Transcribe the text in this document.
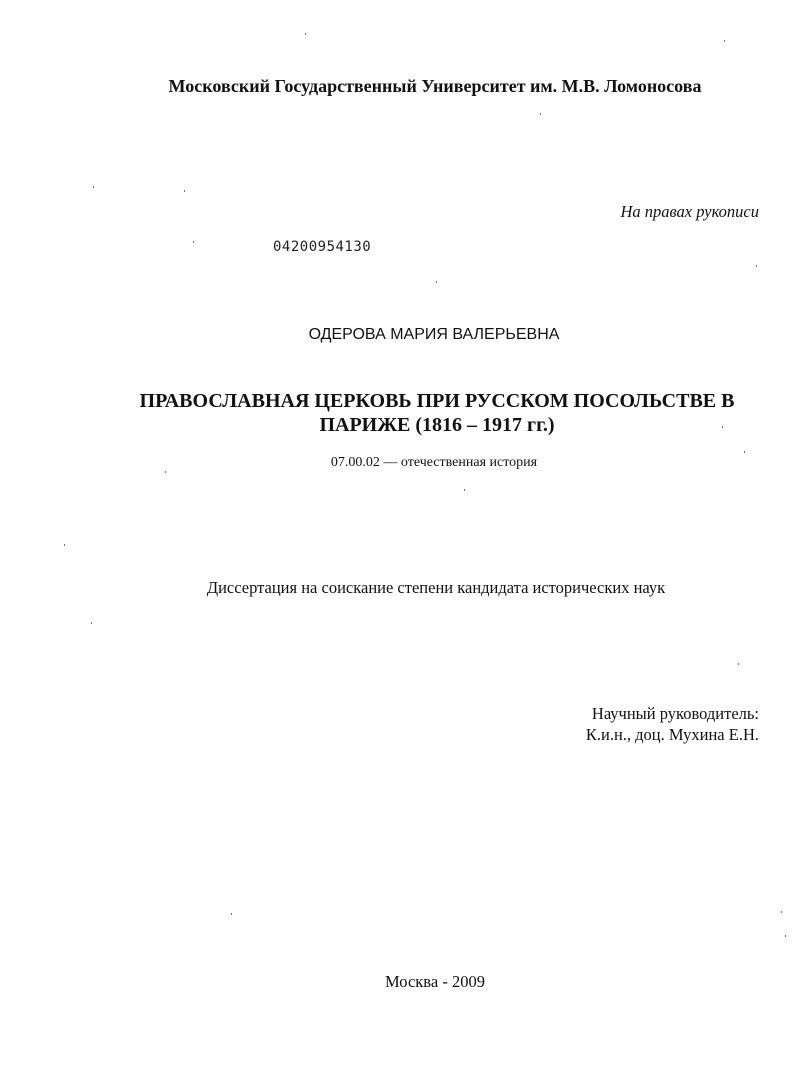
Московский Государственный Университет им. М.В. Ломоносова
На правах рукописи
04200954130
ОДЕРОВА МАРИЯ ВАЛЕРЬЕВНА
ПРАВОСЛАВНАЯ ЦЕРКОВЬ ПРИ РУССКОМ ПОСОЛЬСТВЕ В
ПАРИЖЕ (1816 – 1917 гг.)
07.00.02 — отечественная история
Диссертация на соискание степени кандидата исторических наук
Научный руководитель:
К.и.н., доц. Мухина Е.Н.
Москва - 2009
